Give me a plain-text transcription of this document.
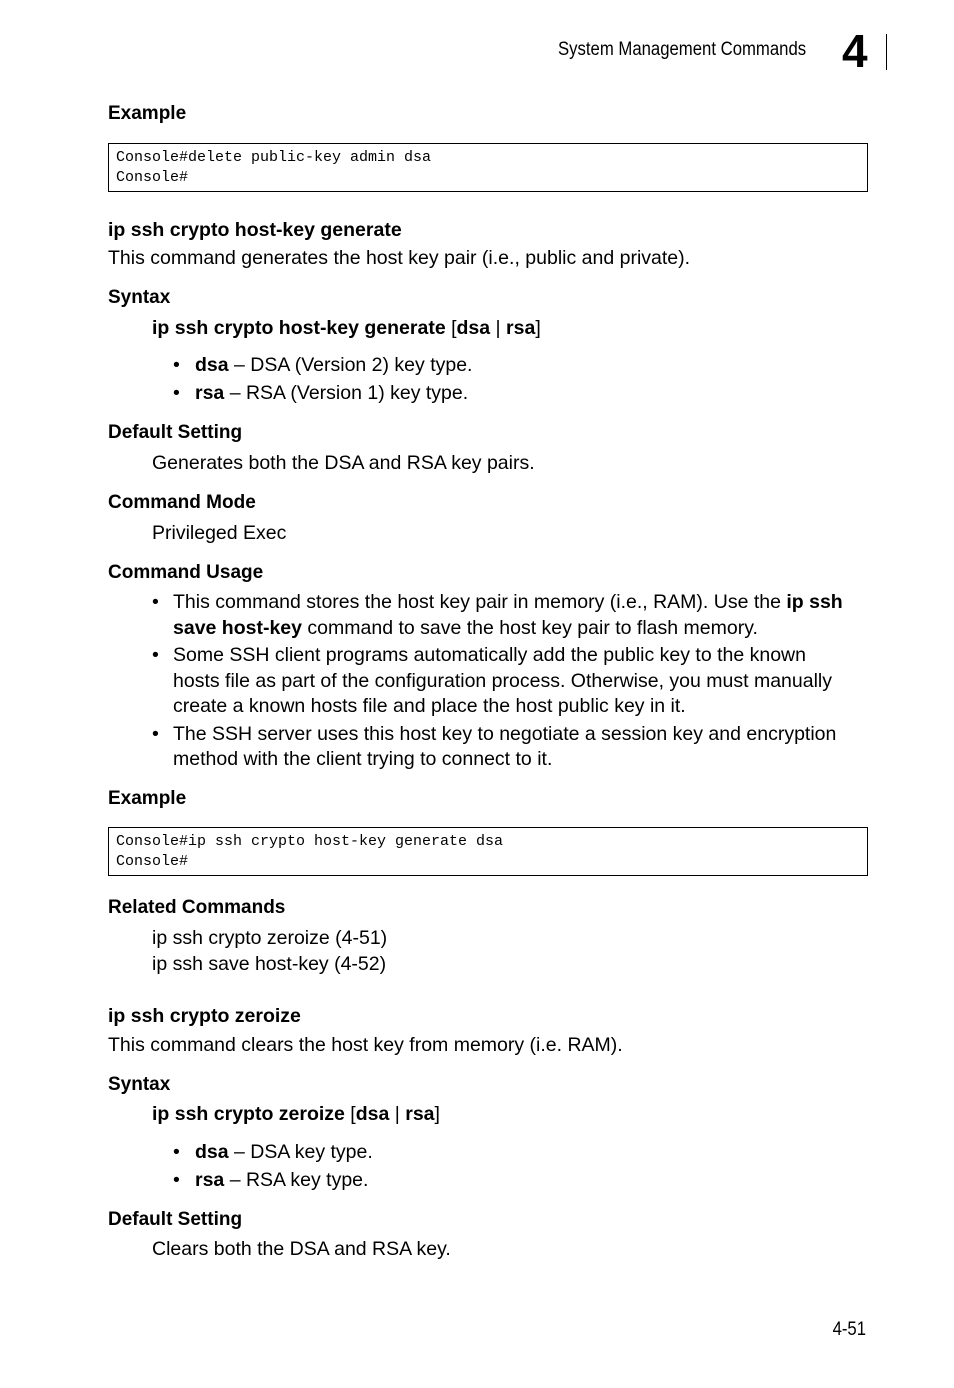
System Management Commands 4
Example
Console#delete public-key admin dsa
Console#
ip ssh crypto host-key generate
This command generates the host key pair (i.e., public and private).
Syntax
ip ssh crypto host-key generate [dsa | rsa]
• dsa – DSA (Version 2) key type.
• rsa – RSA (Version 1) key type.
Default Setting
Generates both the DSA and RSA key pairs.
Command Mode
Privileged Exec
Command Usage
• This command stores the host key pair in memory (i.e., RAM). Use the ip ssh
save host-key command to save the host key pair to flash memory.
• Some SSH client programs automatically add the public key to the known
hosts file as part of the configuration process. Otherwise, you must manually
create a known hosts file and place the host public key in it.
• The SSH server uses this host key to negotiate a session key and encryption
method with the client trying to connect to it.
Example
Console#ip ssh crypto host-key generate dsa
Console#
Related Commands
ip ssh crypto zeroize (4-51)
ip ssh save host-key (4-52)
ip ssh crypto zeroize
This command clears the host key from memory (i.e. RAM).
Syntax
ip ssh crypto zeroize [dsa | rsa]
• dsa – DSA key type.
• rsa – RSA key type.
Default Setting
Clears both the DSA and RSA key.
4-51
